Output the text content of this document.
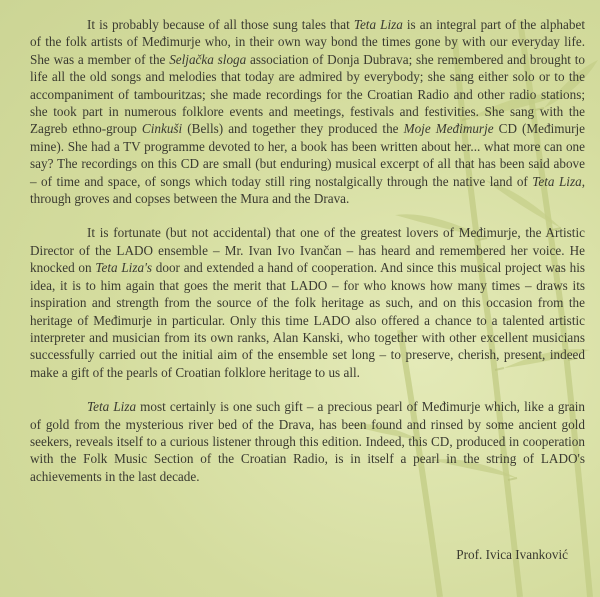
It is probably because of all those sung tales that Teta Liza is an integral part of the alphabet of the folk artists of Međimurje who, in their own way bond the times gone by with our everyday life. She was a member of the Seljačka sloga association of Donja Dubrava; she remembered and brought to life all the old songs and melodies that today are admired by everybody; she sang either solo or to the accompaniment of tambouritzas; she made recordings for the Croatian Radio and other radio stations; she took part in numerous folklore events and meetings, festivals and festivities. She sang with the Zagreb ethno-group Cinkuši (Bells) and together they produced the Moje Međimurje CD (Međimurje mine). She had a TV programme devoted to her, a book has been written about her... what more can one say? The recordings on this CD are small (but enduring) musical excerpt of all that has been said above – of time and space, of songs which today still ring nostalgically through the native land of Teta Liza, through groves and copses between the Mura and the Drava.

It is fortunate (but not accidental) that one of the greatest lovers of Međimurje, the Artistic Director of the LADO ensemble – Mr. Ivan Ivo Ivančan – has heard and remembered her voice. He knocked on Teta Liza's door and extended a hand of cooperation. And since this musical project was his idea, it is to him again that goes the merit that LADO – for who knows how many times – draws its inspiration and strength from the source of the folk heritage as such, and on this occasion from the heritage of Međimurje in particular. Only this time LADO also offered a chance to a talented artistic interpreter and musician from its own ranks, Alan Kanski, who together with other excellent musicians successfully carried out the initial aim of the ensemble set long – to preserve, cherish, present, indeed make a gift of the pearls of Croatian folklore heritage to us all.

Teta Liza most certainly is one such gift – a precious pearl of Međimurje which, like a grain of gold from the mysterious river bed of the Drava, has been found and rinsed by some ancient gold seekers, reveals itself to a curious listener through this edition. Indeed, this CD, produced in cooperation with the Folk Music Section of the Croatian Radio, is in itself a pearl in the string of LADO's achievements in the last decade.

Prof. Ivica Ivanković
